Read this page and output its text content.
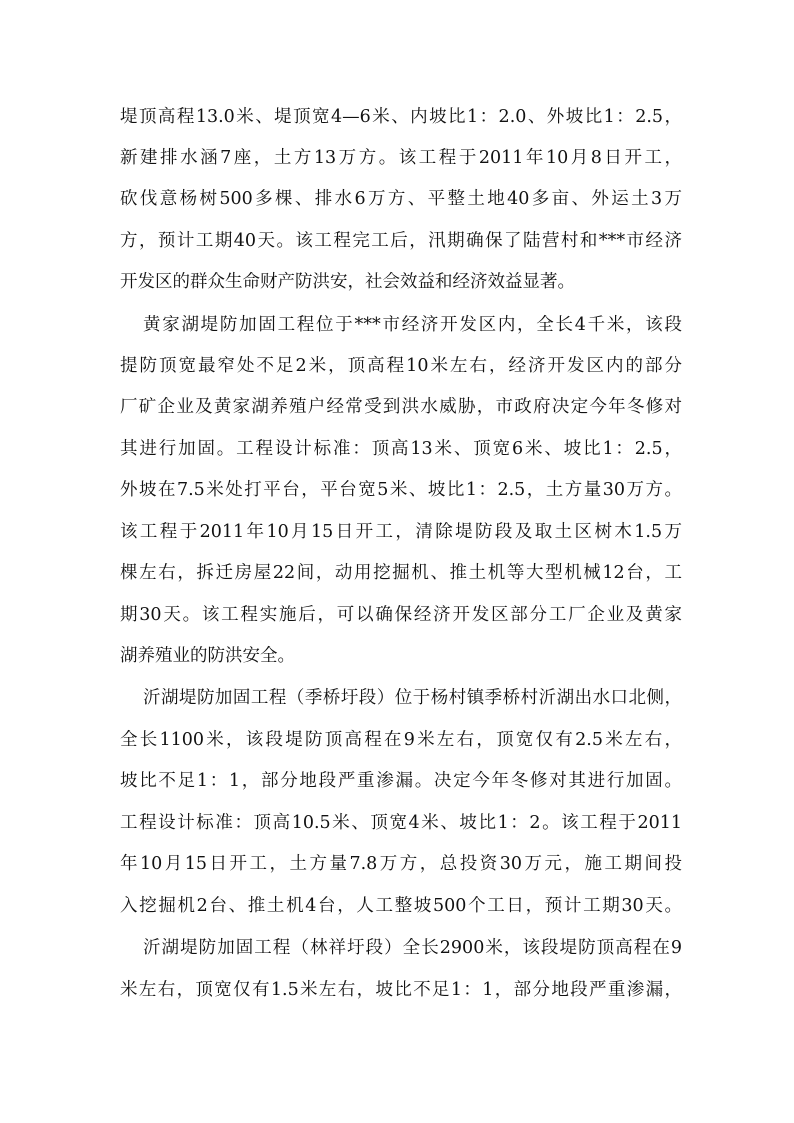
堤顶高程13.0米、堤顶宽4—6米、内坡比1：2.0、外坡比1：2.5，
新建排水涵7座，土方13万方。该工程于2011年10月8日开工，
砍伐意杨树500多棵、排水6万方、平整土地40多亩、外运土3万
方，预计工期40天。该工程完工后，汛期确保了陆营村和***市经济
开发区的群众生命财产防洪安，社会效益和经济效益显著。
黄家湖堤防加固工程位于***市经济开发区内，全长4千米，该段
提防顶宽最窄处不足2米，顶高程10米左右，经济开发区内的部分
厂矿企业及黄家湖养殖户经常受到洪水威胁，市政府决定今年冬修对
其进行加固。工程设计标准：顶高13米、顶宽6米、坡比1：2.5，
外坡在7.5米处打平台，平台宽5米、坡比1：2.5，土方量30万方。
该工程于2011年10月15日开工，清除堤防段及取土区树木1.5万
棵左右，拆迁房屋22间，动用挖掘机、推土机等大型机械12台，工
期30天。该工程实施后，可以确保经济开发区部分工厂企业及黄家
湖养殖业的防洪安全。
沂湖堤防加固工程（季桥圩段）位于杨村镇季桥村沂湖出水口北侧，
全长1100米，该段堤防顶高程在9米左右，顶宽仅有2.5米左右，
坡比不足1：1，部分地段严重渗漏。决定今年冬修对其进行加固。
工程设计标准：顶高10.5米、顶宽4米、坡比1：2。该工程于2011
年10月15日开工，土方量7.8万方，总投资30万元，施工期间投
入挖掘机2台、推土机4台，人工整坡500个工日，预计工期30天。
沂湖堤防加固工程（林祥圩段）全长2900米，该段堤防顶高程在9
米左右，顶宽仅有1.5米左右，坡比不足1：1，部分地段严重渗漏，
